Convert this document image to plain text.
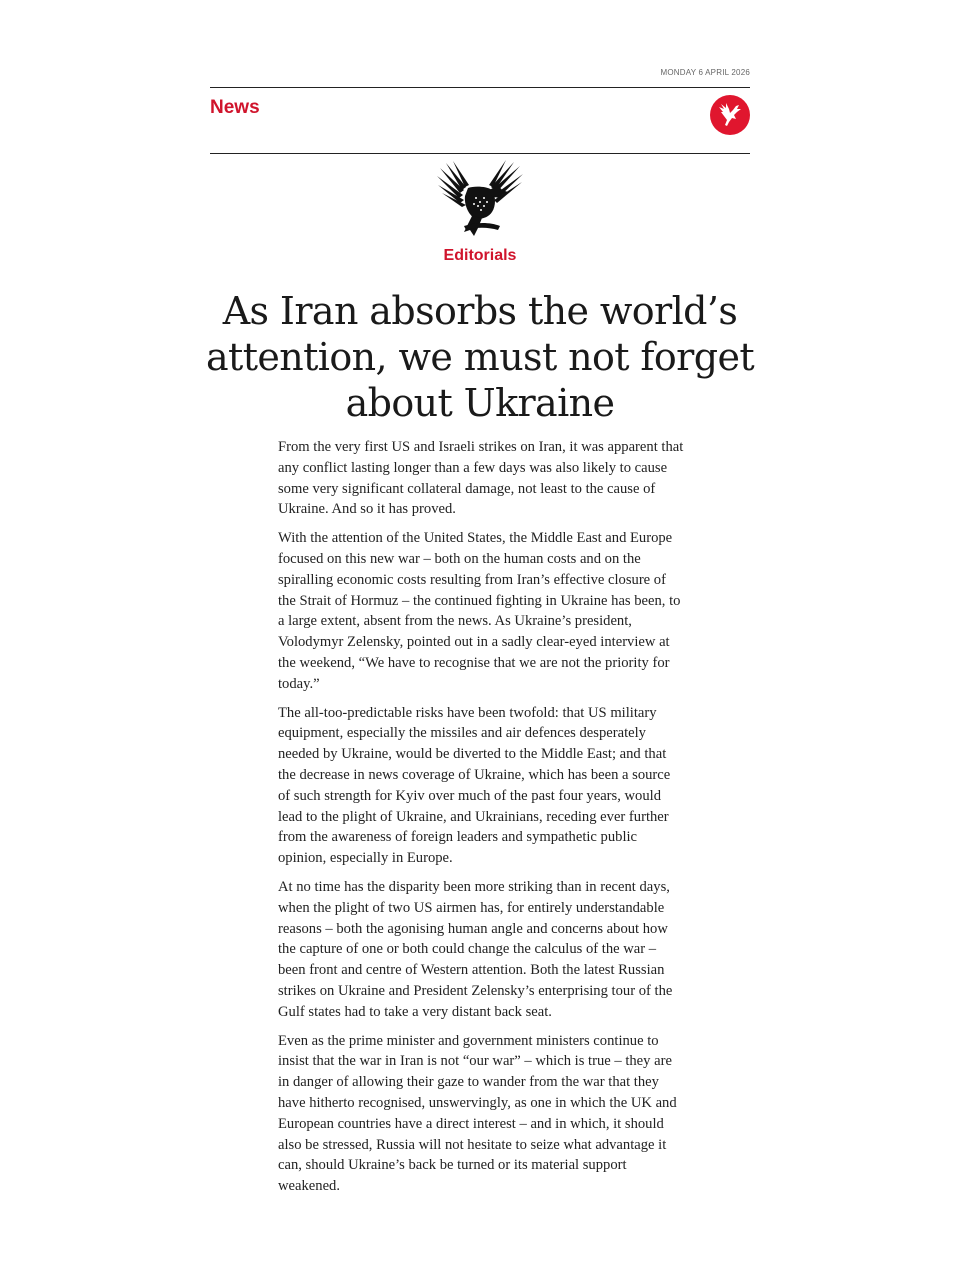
MONDAY 6 APRIL 2026
News
Editorials
As Iran absorbs the world’s attention, we must not forget about Ukraine

From the very first US and Israeli strikes on Iran, it was apparent that any conflict lasting longer than a few days was also likely to cause some very significant collateral damage, not least to the cause of Ukraine. And so it has proved.

With the attention of the United States, the Middle East and Europe focused on this new war – both on the human costs and on the spiralling economic costs resulting from Iran’s effective closure of the Strait of Hormuz – the continued fighting in Ukraine has been, to a large extent, absent from the news. As Ukraine’s president, Volodymyr Zelensky, pointed out in a sadly clear-eyed interview at the weekend, “We have to recognise that we are not the priority for today.”

The all-too-predictable risks have been twofold: that US military equipment, especially the missiles and air defences desperately needed by Ukraine, would be diverted to the Middle East; and that the decrease in news coverage of Ukraine, which has been a source of such strength for Kyiv over much of the past four years, would lead to the plight of Ukraine, and Ukrainians, receding ever further from the awareness of foreign leaders and sympathetic public opinion, especially in Europe.

At no time has the disparity been more striking than in recent days, when the plight of two US airmen has, for entirely understandable reasons – both the agonising human angle and concerns about how the capture of one or both could change the calculus of the war – been front and centre of Western attention. Both the latest Russian strikes on Ukraine and President Zelensky’s enterprising tour of the Gulf states had to take a very distant back seat.

Even as the prime minister and government ministers continue to insist that the war in Iran is not “our war” – which is true – they are in danger of allowing their gaze to wander from the war that they have hitherto recognised, unswervingly, as one in which the UK and European countries have a direct interest – and in which, it should also be stressed, Russia will not hesitate to seize what advantage it can, should Ukraine’s back be turned or its material support weakened.
